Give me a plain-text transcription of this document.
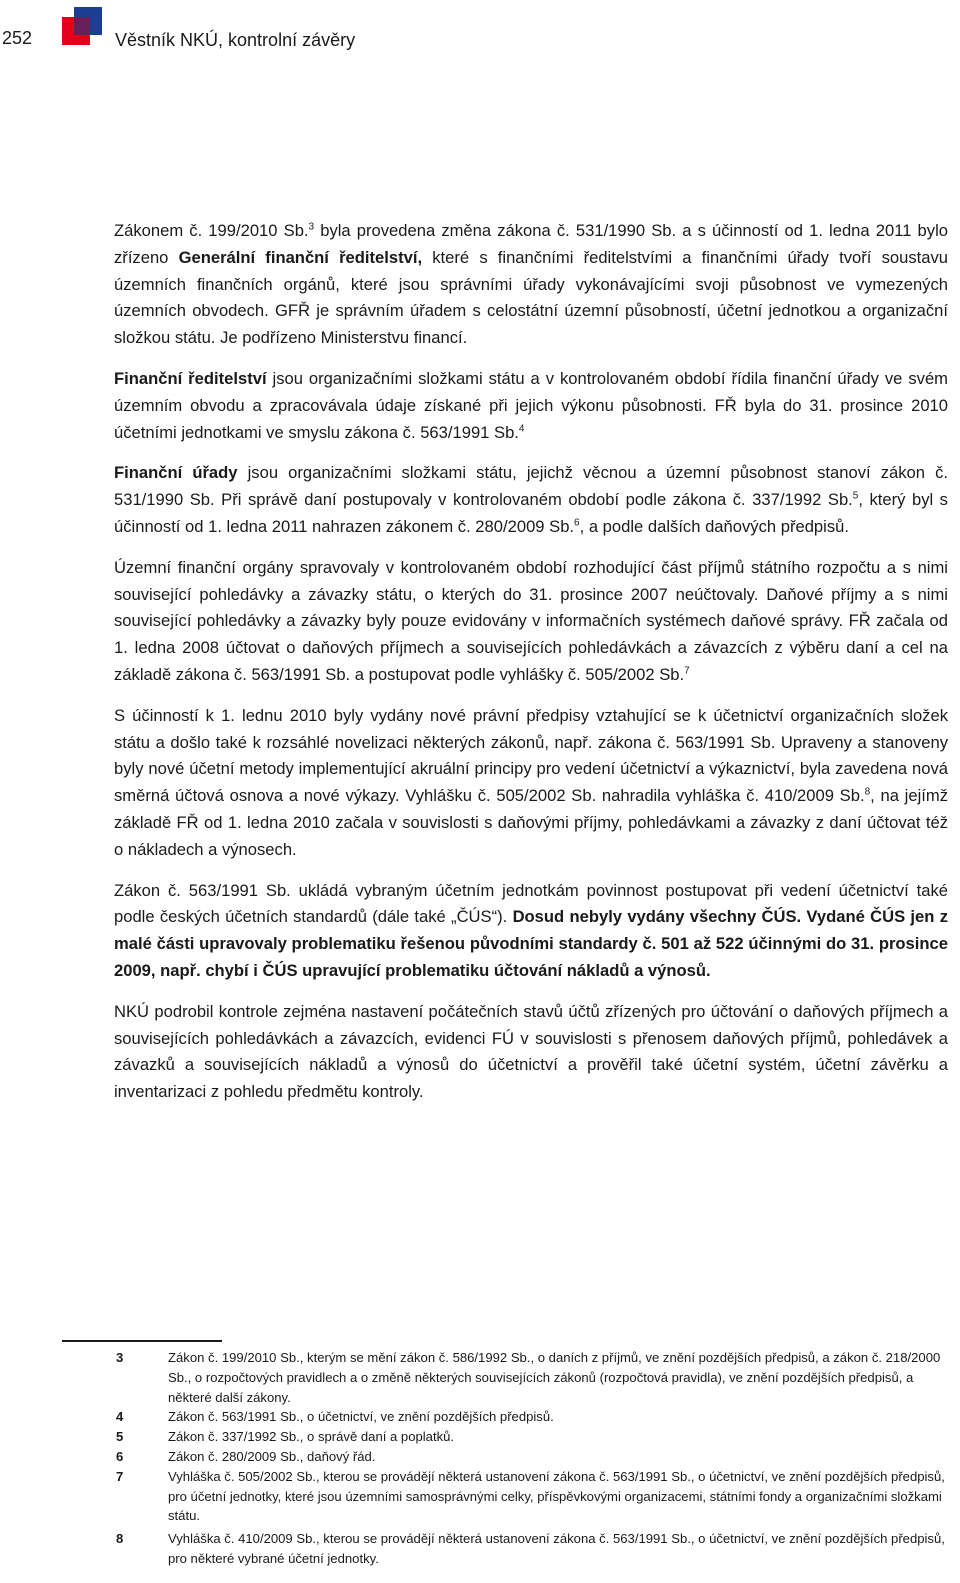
252	Věstník NKÚ, kontrolní závěry

Zákonem č. 199/2010 Sb.$^3$ byla provedena změna zákona č. 531/1990 Sb. a s účinností od 1. ledna 2011 bylo zřízeno Generální finanční ředitelství, které s finančními ředitelstvími a finančními úřady tvoří soustavu územních finančních orgánů, které jsou správními úřady vykonávajícími svoji působnost ve vymezených územních obvodech. GFŘ je správním úřadem s celostátní územní působností, účetní jednotkou a organizační složkou státu. Je podřízeno Ministerstvu financí.

Finanční ředitelství jsou organizačními složkami státu a v kontrolovaném období řídila finanční úřady ve svém územním obvodu a zpracovávala údaje získané při jejich výkonu působnosti. FŘ byla do 31. prosince 2010 účetními jednotkami ve smyslu zákona č. 563/1991 Sb.$^4$

Finanční úřady jsou organizačními složkami státu, jejichž věcnou a územní působnost stanoví zákon č. 531/1990 Sb. Při správě daní postupovaly v kontrolovaném období podle zákona č. 337/1992 Sb.$^5$, který byl s účinností od 1. ledna 2011 nahrazen zákonem č. 280/2009 Sb.$^6$, a podle dalších daňových předpisů.

Územní finanční orgány spravovaly v kontrolovaném období rozhodující část příjmů státního rozpočtu a s nimi související pohledávky a závazky státu, o kterých do 31. prosince 2007 neúčtovaly. Daňové příjmy a s nimi související pohledávky a závazky byly pouze evidovány v informačních systémech daňové správy. FŘ začala od 1. ledna 2008 účtovat o daňových příjmech a souvisejících pohledávkách a závazcích z výběru daní a cel na základě zákona č. 563/1991 Sb. a postupovat podle vyhlášky č. 505/2002 Sb.$^7$

S účinností k 1. lednu 2010 byly vydány nové právní předpisy vztahující se k účetnictví organizačních složek státu a došlo také k rozsáhlé novelizaci některých zákonů, např. zákona č. 563/1991 Sb. Upraveny a stanoveny byly nové účetní metody implementující akruální principy pro vedení účetnictví a výkaznictví, byla zavedena nová směrná účtová osnova a nové výkazy. Vyhlášku č. 505/2002 Sb. nahradila vyhláška č. 410/2009 Sb.$^8$, na jejímž základě FŘ od 1. ledna 2010 začala v souvislosti s daňovými příjmy, pohledávkami a závazky z daní účtovat též o nákladech a výnosech.

Zákon č. 563/1991 Sb. ukládá vybraným účetním jednotkám povinnost postupovat při vedení účetnictví také podle českých účetních standardů (dále také „ČÚS“). Dosud nebyly vydány všechny ČÚS. Vydané ČÚS jen z malé části upravovaly problematiku řešenou původními standardy č. 501 až 522 účinnými do 31. prosince 2009, např. chybí i ČÚS upravující problematiku účtování nákladů a výnosů.

NKÚ podrobil kontrole zejména nastavení počátečních stavů účtů zřízených pro účtování o daňových příjmech a souvisejících pohledávkách a závazcích, evidenci FÚ v souvislosti s přenosem daňových příjmů, pohledávek a závazků a souvisejících nákladů a výnosů do účetnictví a prověřil také účetní systém, účetní závěrku a inventarizaci z pohledu předmětu kontroly.

3	Zákon č. 199/2010 Sb., kterým se mění zákon č. 586/1992 Sb., o daních z příjmů, ve znění pozdějších předpisů, a zákon č. 218/2000 Sb., o rozpočtových pravidlech a o změně některých souvisejících zákonů (rozpočtová pravidla), ve znění pozdějších předpisů, a některé další zákony.
4	Zákon č. 563/1991 Sb., o účetnictví, ve znění pozdějších předpisů.
5	Zákon č. 337/1992 Sb., o správě daní a poplatků.
6	Zákon č. 280/2009 Sb., daňový řád.
7	Vyhláška č. 505/2002 Sb., kterou se provádějí některá ustanovení zákona č. 563/1991 Sb., o účetnictví, ve znění pozdějších předpisů, pro účetní jednotky, které jsou územními samosprávnými celky, příspěvkovými organizacemi, státními fondy a organizačními složkami státu.
8	Vyhláška č. 410/2009 Sb., kterou se provádějí některá ustanovení zákona č. 563/1991 Sb., o účetnictví, ve znění pozdějších předpisů, pro některé vybrané účetní jednotky.
